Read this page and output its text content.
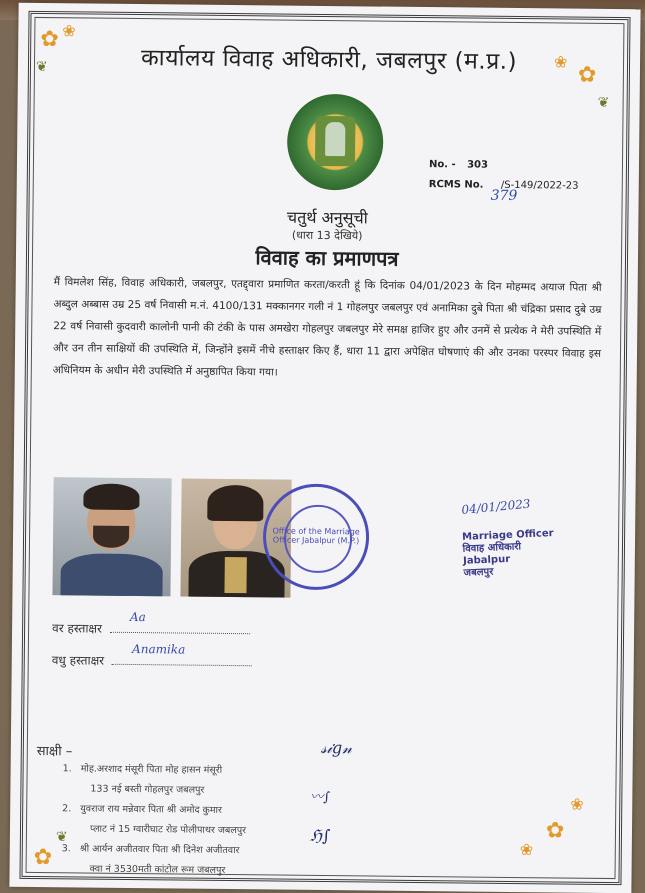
✿ ❀
❦	✿
❀
❦
✿
❀
❀
✿
❦
कार्यालय विवाह अधिकारी, जबलपुर (म.प्र.)
No. - 303
RCMS No. /S-149/2022-23
379
चतुर्थ अनुसूची
(धारा 13 देखिये)
विवाह का प्रमाणपत्र
मैं विमलेश सिंह, विवाह अधिकारी, जबलपुर, एतद्द्वारा प्रमाणित करता/करती हूं कि दिनांक 04/01/2023 के दिन मोहम्मद अयाज पिता श्री अब्दुल अब्बास उम्र 25 वर्ष निवासी म.नं. 4100/131 मक्कानगर गली नं 1 गोहलपुर जबलपुर एवं अनामिका दुबे पिता श्री चंद्रिका प्रसाद दुबे उम्र 22 वर्ष निवासी कुदवारी कालोनी पानी की टंकी के पास अमखेरा गोहलपुर जबलपुर मेरे समक्ष हाजिर हुए और उनमें से प्रत्येक ने मेरी उपस्थिति में और उन तीन साक्षियों की उपस्थिति में, जिन्होंने इसमें नीचे हस्ताक्षर किए हैं, धारा 11 द्वारा अपेक्षित घोषणाएं की और उनका परस्पर विवाह इस अधिनियम के अधीन मेरी उपस्थिति में अनुष्ठापित किया गया।
Office of the Marriage Officer Jabalpur (M.P.)
04/01/2023
Marriage Officer
विवाह अधिकारी
Jabalpur
जबलपुर
वर हस्ताक्षर
Aa
वधु हस्ताक्षर
Anamika
साक्षी –
1. मोह.अरशाद मंसूरी पिता मोह हासन मंसूरी
133 नई बस्ती गोहलपुर जबलपुर
2. युवराज राय मन्नेवार पिता श्री अमोद कुमार
प्लाट नं 15 ग्वारीघाट रोड पोलीपाथर जबलपुर
3. श्री आर्यन अजीतवार पिता श्री दिनेश अजीतवार
क्वा नं 3530मती कांटोल रूम जबलपुर
𝓈𝒾𝑔𝓃
〰∫
ℌ∫
